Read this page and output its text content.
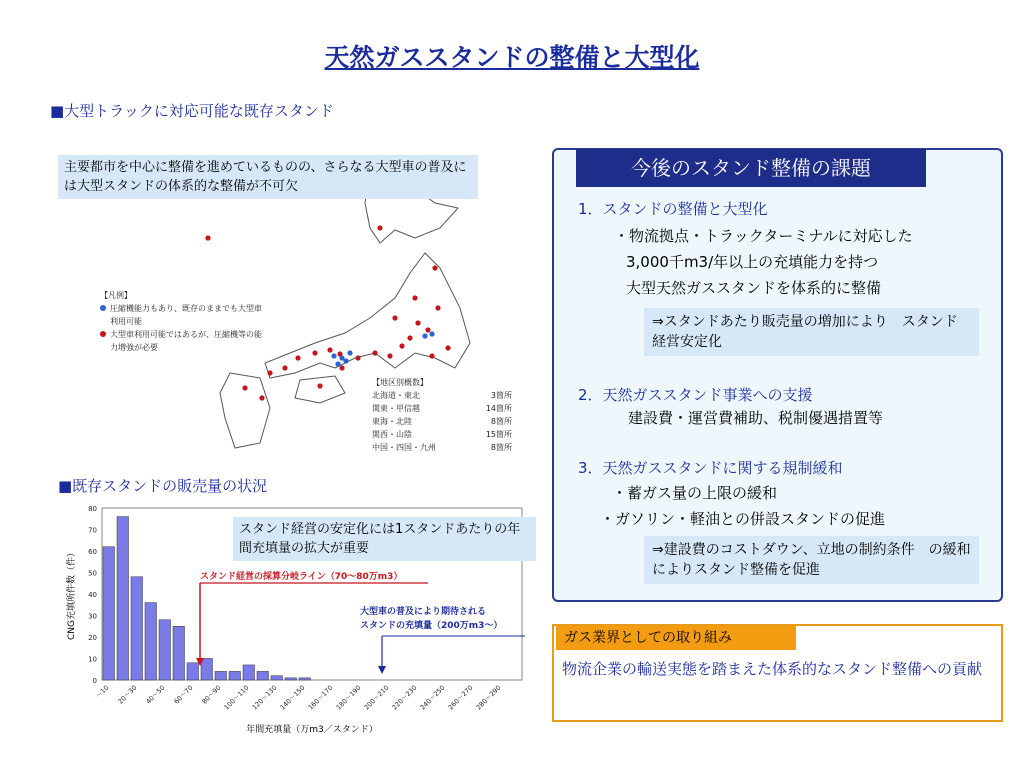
天然ガススタンドの整備と大型化
■大型トラックに対応可能な既存スタンド
主要都市を中心に整備を進めているものの、さらなる大型車の普及には大型スタンドの体系的な整備が不可欠
【凡例】
圧縮機能力もあり、既存のままでも大型車利用可能
大型車利用可能ではあるが、圧縮機等の能力増強が必要
【地区別概数】
北海道・東北	3箇所
関東・甲信越	14箇所
東海・北陸	8箇所
関西・山陰	15箇所
中国・四国・九州	8箇所
■既存スタンドの販売量の状況
0
10
20
30
40
50
60
70
80
～10 20～30 40～50 60～70 80～90 100～110 120～130 140～150 160～170 180～190 200～210 220～230 240～250 260～270 280～290
年間充填量（万m3／スタンド）
CNG充填所件数（件）	スタンド経営の採算分岐ライン（70～80万m3）
大型車の普及により期待される
スタンドの充填量（200万m3～）
スタンド経営の安定化には1スタンドあたりの年間充填量の拡大が重要
今後のスタンド整備の課題
1．スタンドの整備と大型化
・物流拠点・トラックターミナルに対応した
3,000千m3/年以上の充填能力を持つ
大型天然ガススタンドを体系的に整備
⇒スタンドあたり販売量の増加により　スタンド経営安定化
2．天然ガススタンド事業への支援
建設費・運営費補助、税制優遇措置等
3．天然ガススタンドに関する規制緩和
・蓄ガス量の上限の緩和
・ガソリン・軽油との併設スタンドの促進
⇒建設費のコストダウン、立地の制約条件　の緩和によりスタンド整備を促進
ガス業界としての取り組み
物流企業の輸送実態を踏まえた体系的なスタンド整備への貢献
